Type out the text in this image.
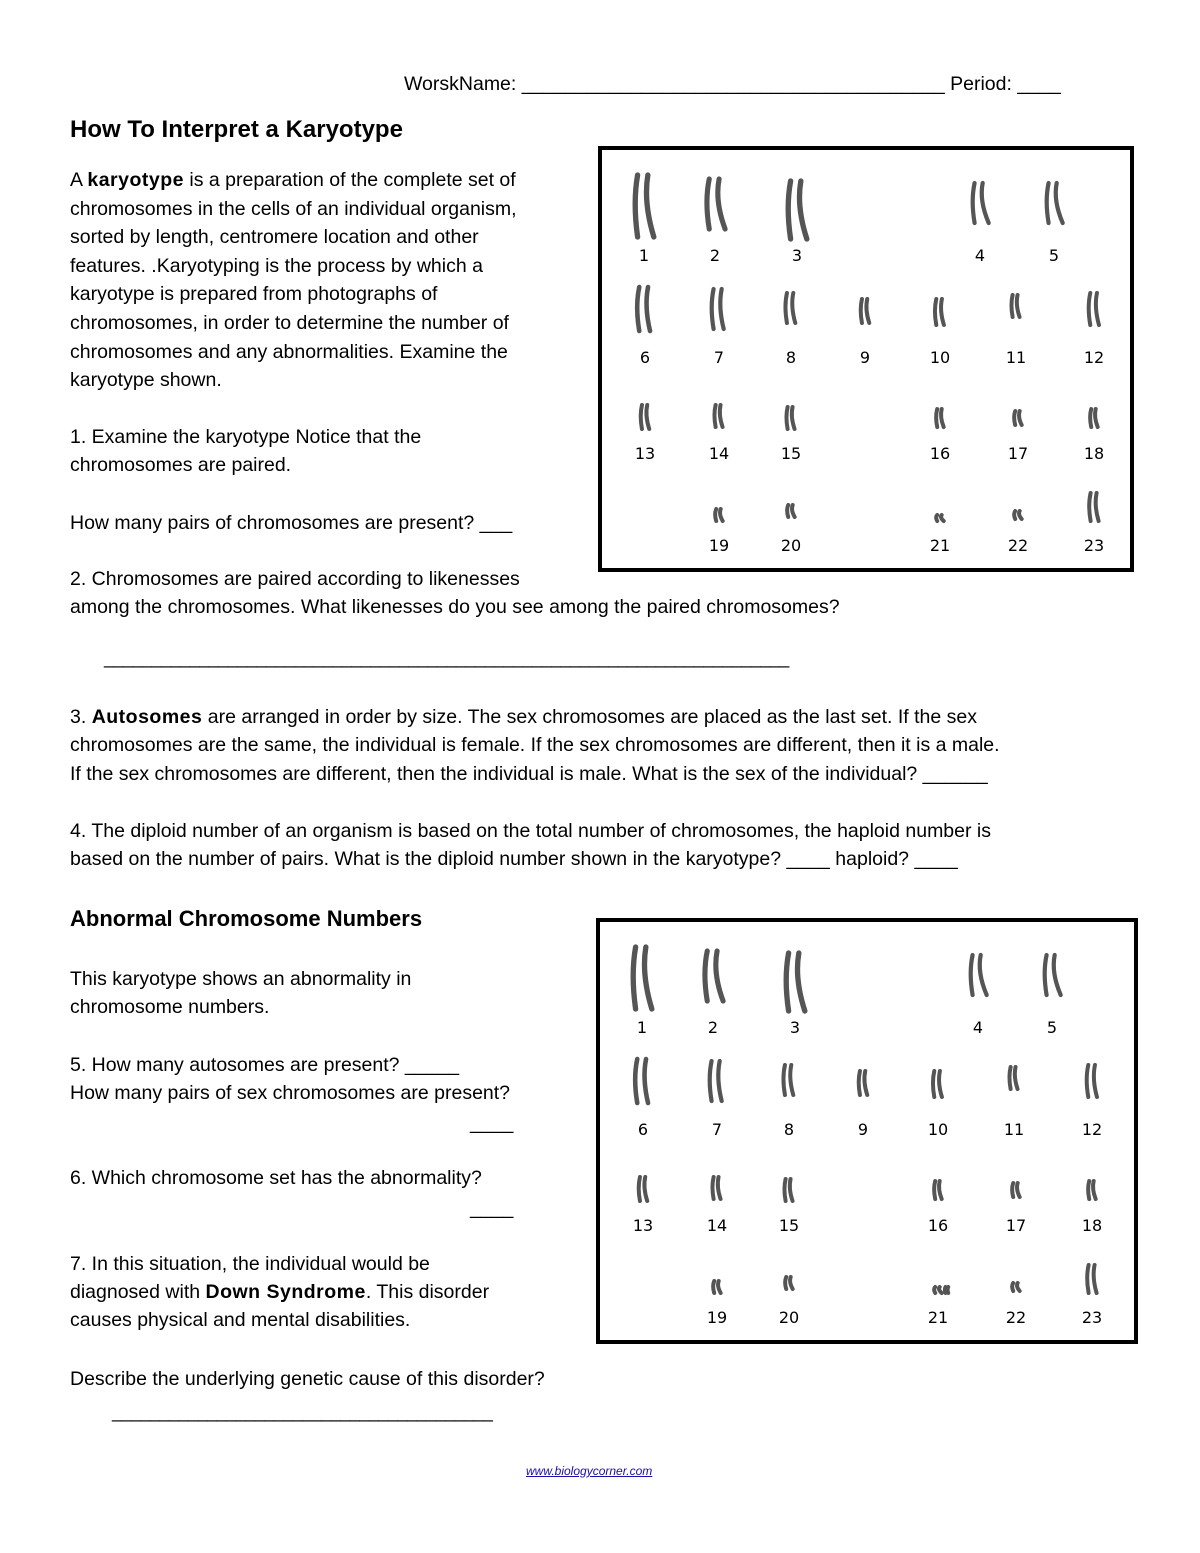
WorskName: _______________________________________ Period: ____
How To Interpret a Karyotype
A karyotype is a preparation of the complete set of
chromosomes in the cells of an individual organism,
sorted by length, centromere location and other
features. .Karyotyping is the process by which a
karyotype is prepared from photographs of
chromosomes, in order to determine the number of
chromosomes and any abnormalities. Examine the
karyotype shown.
1. Examine the karyotype Notice that the
chromosomes are paired.
How many pairs of chromosomes are present? ___
2. Chromosomes are paired according to likenesses
among the chromosomes. What likenesses do you see among the paired chromosomes?
________________________________________________________________________
3. Autosomes are arranged in order by size. The sex chromosomes are placed as the last set. If the sex
chromosomes are the same, the individual is female. If the sex chromosomes are different, then it is a male.
If the sex chromosomes are different, then the individual is male. What is the sex of the individual? ______
4. The diploid number of an organism is based on the total number of chromosomes, the haploid number is
based on the number of pairs. What is the diploid number shown in the karyotype? ____ haploid? ____
1	2	3	4	5
6	7	8	9	10	11	12
13	14	15	16	17	18
19	20	21	22	23
Abnormal Chromosome Numbers
This karyotype shows an abnormality in
chromosome numbers.
5. How many autosomes are present? _____
How many pairs of sex chromosomes are present?
____
6. Which chromosome set has the abnormality?
____
7. In this situation, the individual would be
diagnosed with Down Syndrome. This disorder
causes physical and mental disabilities.
Describe the underlying genetic cause of this disorder?
________________________________________
1	2	3	4	5
6	7	8	9	10	11	12
13	14	15	16	17	18
19	20	21	22	23
www.biologycorner.com
